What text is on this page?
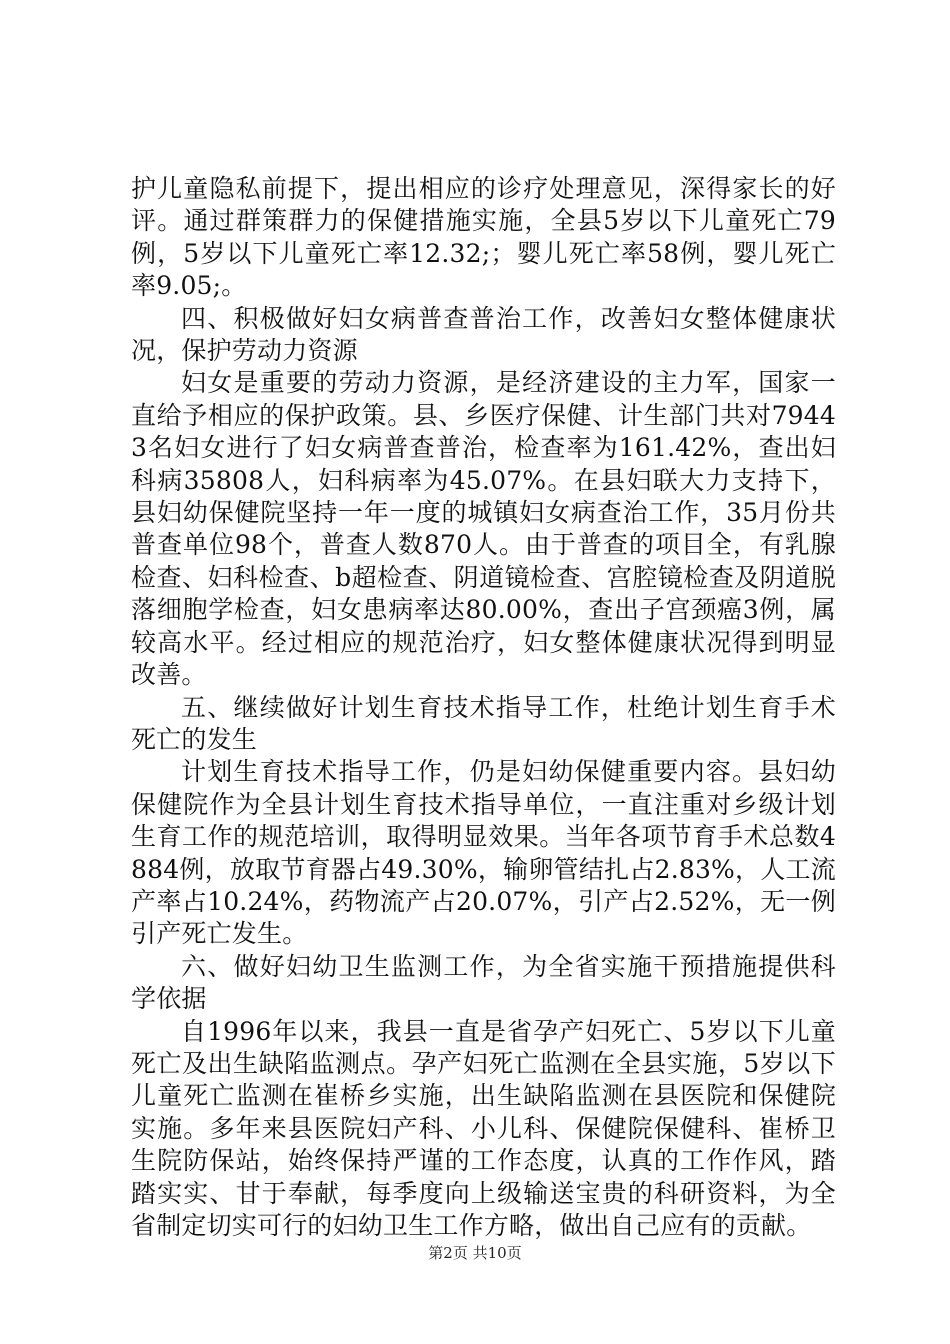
护儿童隐私前提下，提出相应的诊疗处理意见，深得家长的好评。通过群策群力的保健措施实施，全县5岁以下儿童死亡79例，5岁以下儿童死亡率12.32;；婴儿死亡率58例，婴儿死亡率9.05;。

四、积极做好妇女病普查普治工作，改善妇女整体健康状况，保护劳动力资源

妇女是重要的劳动力资源，是经济建设的主力军，国家一直给予相应的保护政策。县、乡医疗保健、计生部门共对79443名妇女进行了妇女病普查普治，检查率为161.42%，查出妇科病35808人，妇科病率为45.07%。在县妇联大力支持下，县妇幼保健院坚持一年一度的城镇妇女病查治工作，35月份共普查单位98个，普查人数870人。由于普查的项目全，有乳腺检查、妇科检查、b超检查、阴道镜检查、宫腔镜检查及阴道脱落细胞学检查，妇女患病率达80.00%，查出子宫颈癌3例，属较高水平。经过相应的规范治疗，妇女整体健康状况得到明显改善。

五、继续做好计划生育技术指导工作，杜绝计划生育手术死亡的发生

计划生育技术指导工作，仍是妇幼保健重要内容。县妇幼保健院作为全县计划生育技术指导单位，一直注重对乡级计划生育工作的规范培训，取得明显效果。当年各项节育手术总数4884例，放取节育器占49.30%，输卵管结扎占2.83%，人工流产率占10.24%，药物流产占20.07%，引产占2.52%，无一例引产死亡发生。

六、做好妇幼卫生监测工作，为全省实施干预措施提供科学依据

自1996年以来，我县一直是省孕产妇死亡、5岁以下儿童死亡及出生缺陷监测点。孕产妇死亡监测在全县实施，5岁以下儿童死亡监测在崔桥乡实施，出生缺陷监测在县医院和保健院实施。多年来县医院妇产科、小儿科、保健院保健科、崔桥卫生院防保站，始终保持严谨的工作态度，认真的工作作风，踏踏实实、甘于奉献，每季度向上级输送宝贵的科研资料，为全省制定切实可行的妇幼卫生工作方略，做出自己应有的贡献。

第2页 共10页
